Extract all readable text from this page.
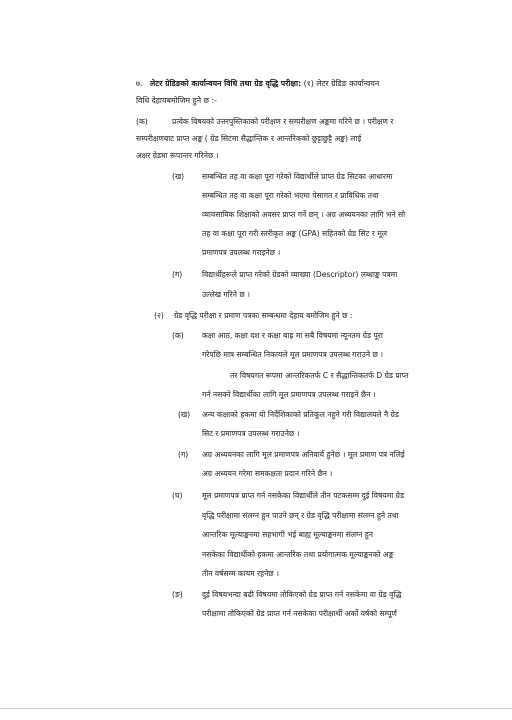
७. लेटर ग्रेडिङको कार्यान्वयन विधि तथा ग्रेड वृद्धि परीक्षा: (१) लेटर ग्रेडिङ कार्यान्वयन
विधि देहायबमोजिम हुने छ :-
(क)	प्रत्येक विषयको उत्तरपुस्तिकाको परीक्षण र सम्परीक्षण अङ्कमा गरिने छ । परीक्षण र
सम्परीक्षणबाट प्राप्त अङ्क ( ग्रेड सिटमा सैद्धान्तिक र आन्तरिकको छुट्टाछुट्टै अङ्क) लाई
अक्षर ग्रेडमा रूपान्तर गरिनेछ ।
(ख) सम्बन्धित तह वा कक्षा पूरा गरेको विद्यार्थीले प्राप्त ग्रेड सिटका आधारमा
सम्बन्धित तह वा कक्षा पूरा गरेको भएमा पेसागत र प्राविधिक तथा
व्यावसायिक शिक्षाको अवसर प्राप्त गर्ने छन् । अग्र अध्ययनका लागि भने सो
तह वा कक्षा पूरा गरी स्तरीकृत अङ्क (GPA) सहितको ग्रेड सिट र मूल
प्रमाणपत्र उपलब्ध गराइनेछ ।
(ग)	विद्यार्थीहरूले प्राप्त गरेको ग्रेडको व्याख्या (Descriptor) लब्धाङ्क पत्रमा
उल्लेख गरिने छ ।
(२) ग्रेड वृद्धि परीक्षा र प्रमाण पत्रका सम्बन्धमा देहाय बमोजिम हुने छ :
(क) कक्षा आठ, कक्षा दश र कक्षा बाह्र मा सबै विषयमा न्यूनतम ग्रेड पूरा
गरेपछि मात्र सम्बन्धित निकायले मूल प्रमाणपत्र उपलब्ध गराउने छ ।
तर विषयगत रूपमा आन्तरिकतर्फ C र सैद्धान्तिकतर्फ D ग्रेड प्राप्त
गर्न नसक्ने विद्यार्थीका लागि मूल प्रमाणपत्र उपलब्ध गराइने छैन ।
(ख) अन्य कक्षाको हकमा यो निर्देशिकाको प्रतिकूल नहुने गरी विद्यालयले नै ग्रेड
सिट र प्रमाणपत्र उपलब्ध गराउनेछ ।
(ग) अग्र अध्ययनका लागि मूल प्रमाणपत्र अनिवार्य हुनेछ । मूल प्रमाण पत्र नलिई
अग्र अध्ययन गरेमा समकक्षता प्रदान गरिने छैन ।
(घ)	मूल प्रमाणपत्र प्राप्त गर्न नसकेका विद्यार्थीले तीन पटकसम्म दुई विषयमा ग्रेड
वृद्धि परीक्षामा संलग्न हुन पाउने छन् र ग्रेड वृद्धि परीक्षामा संलग्न हुने तथा
आन्तरिक मूल्याङ्कनमा सहभागी भई बाह्य मूल्याङ्कनमा संलग्न हुन
नसकेका विद्यार्थीको हकमा आन्तरिक तथा प्रयोगात्मक मूल्याङ्कनको अङ्क
तीन वर्षसम्म कायम रहनेछ ।
(ङ)	दुई विषयभन्दा बढी विषयमा तोकिएको ग्रेड प्राप्त गर्न नसकेमा वा ग्रेड वृद्धि
परीक्षामा तोकिएको ग्रेड प्राप्त गर्न नसकेका परीक्षार्थी अर्को वर्षको सम्पूर्ण
